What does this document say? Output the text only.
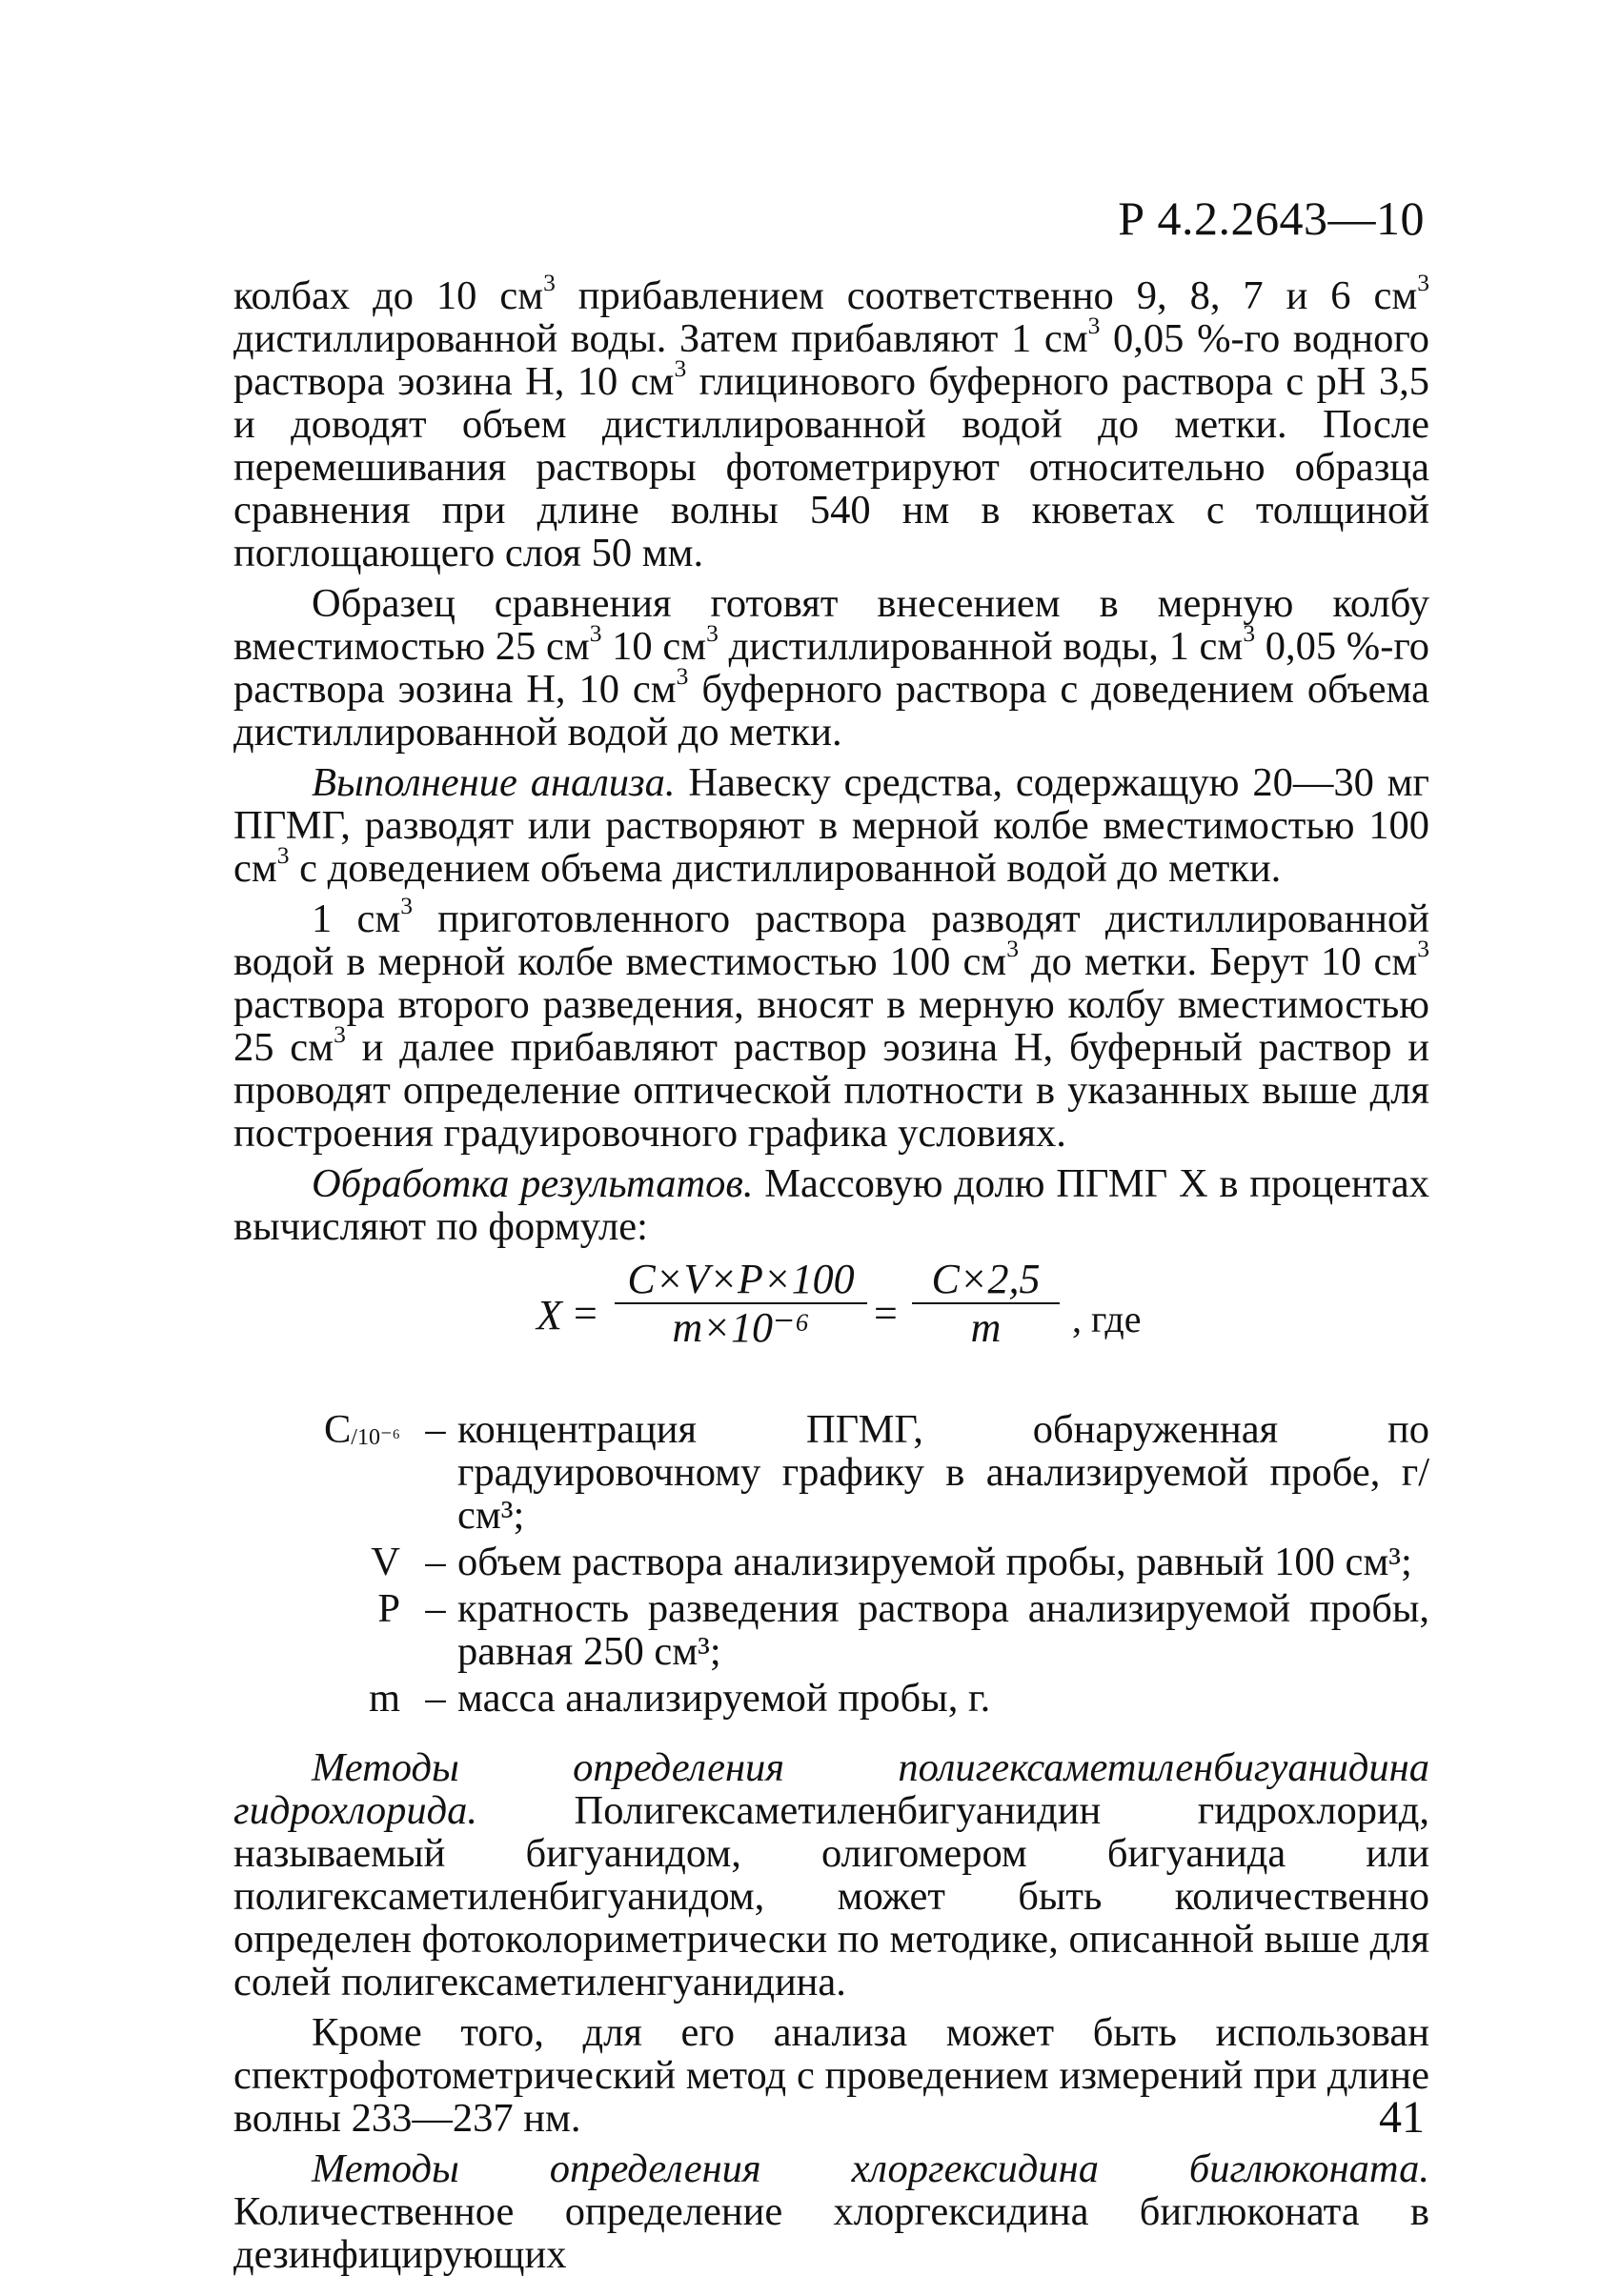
Р 4.2.2643—10

колбах до 10 $см^3$ прибавлением соответственно 9, 8, 7 и 6 $см^3$ дистиллированной воды. Затем прибавляют 1 $см^3$ 0,05 %-го водного раствора эозина Н, 10 $см^3$ глицинового буферного раствора с pH 3,5 и доводят объем дистиллированной водой до метки. После перемешивания растворы фотометрируют относительно образца сравнения при длине волны 540 нм в кюветах с толщиной поглощающего слоя 50 мм.

Образец сравнения готовят внесением в мерную колбу вместимостью 25 $см^3$ 10 $см^3$ дистиллированной воды, 1 $см^3$ 0,05 %-го раствора эозина Н, 10 $см^3$ буферного раствора с доведением объема дистиллированной водой до метки.

Выполнение анализа. Навеску средства, содержащую 20—30 мг ПГМГ, разводят или растворяют в мерной колбе вместимостью 100 $см^3$ с доведением объема дистиллированной водой до метки.

1 $см^3$ приготовленного раствора разводят дистиллированной водой в мерной колбе вместимостью 100 $см^3$ до метки. Берут 10 $см^3$ раствора второго разведения, вносят в мерную колбу вместимостью 25 $см^3$ и далее прибавляют раствор эозина Н, буферный раствор и проводят определение оптической плотности в указанных выше для построения градуировочного графика условиях.

Обработка результатов. Массовую долю ПГМГ Х в процентах вычисляют по формуле:

$X = \frac{C\times V\times P\times 100}{\text{m×10⁻⁶}} = \frac{C\times 2,5}{m}$ , где
C/10⁻⁶ – концентрация ПГМГ, обнаруженная по градуировочному графику в анализируемой пробе, г/см³;
V – объем раствора анализируемой пробы, равный 100 см³;
P – кратность разведения раствора анализируемой пробы, равная 250 см³;
m – масса анализируемой пробы, г.

Методы определения полигексаметиленбигуанидина гидрохлорида. Полигексаметиленбигуанидин гидрохлорид, называемый бигуанидом, олигомером бигуанида или полигексаметиленбигуанидом, может быть количественно определен фотоколориметрически по методике, описанной выше для солей полигексаметиленгуанидина.

Кроме того, для его анализа может быть использован спектрофотометрический метод с проведением измерений при длине волны 233—237 нм.

Методы определения хлоргексидина биглюконата. Количественное определение хлоргексидина биглюконата в дезинфицирующих

41
